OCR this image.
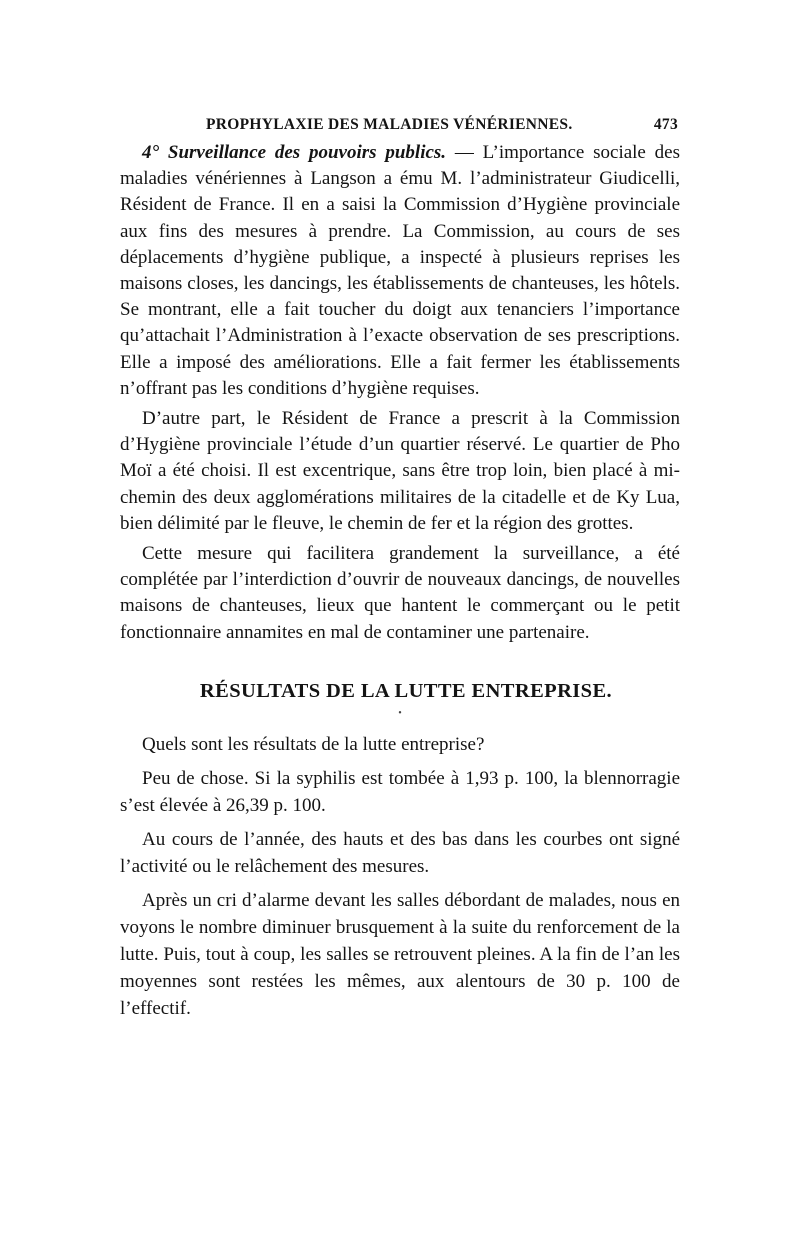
PROPHYLAXIE DES MALADIES VÉNÉRIENNES.	473

4° Surveillance des pouvoirs publics. — L’importance sociale des maladies vénériennes à Langson a ému M. l’administrateur Giudicelli, Résident de France. Il en a saisi la Commission d’Hygiène provinciale aux fins des mesures à prendre. La Commission, au cours de ses déplacements d’hygiène publique, a inspecté à plusieurs reprises les maisons closes, les dancings, les établissements de chanteuses, les hôtels. Se montrant, elle a fait toucher du doigt aux tenanciers l’importance qu’attachait l’Administration à l’exacte observation de ses prescriptions. Elle a imposé des améliorations. Elle a fait fermer les établissements n’offrant pas les conditions d’hygiène requises.

D’autre part, le Résident de France a prescrit à la Commission d’Hygiène provinciale l’étude d’un quartier réservé. Le quartier de Pho Moï a été choisi. Il est excentrique, sans être trop loin, bien placé à mi-chemin des deux agglomérations militaires de la citadelle et de Ky Lua, bien délimité par le fleuve, le chemin de fer et la région des grottes.

Cette mesure qui facilitera grandement la surveillance, a été complétée par l’interdiction d’ouvrir de nouveaux dancings, de nouvelles maisons de chanteuses, lieux que hantent le commerçant ou le petit fonctionnaire annamites en mal de contaminer une partenaire.

RÉSULTATS DE LA LUTTE ENTREPRISE.
•

Quels sont les résultats de la lutte entreprise?

Peu de chose. Si la syphilis est tombée à 1,93 p. 100, la blennorragie s’est élevée à 26,39 p. 100.

Au cours de l’année, des hauts et des bas dans les courbes ont signé l’activité ou le relâchement des mesures.

Après un cri d’alarme devant les salles débordant de malades, nous en voyons le nombre diminuer brusquement à la suite du renforcement de la lutte. Puis, tout à coup, les salles se retrouvent pleines. A la fin de l’an les moyennes sont restées les mêmes, aux alentours de 30 p. 100 de l’effectif.
